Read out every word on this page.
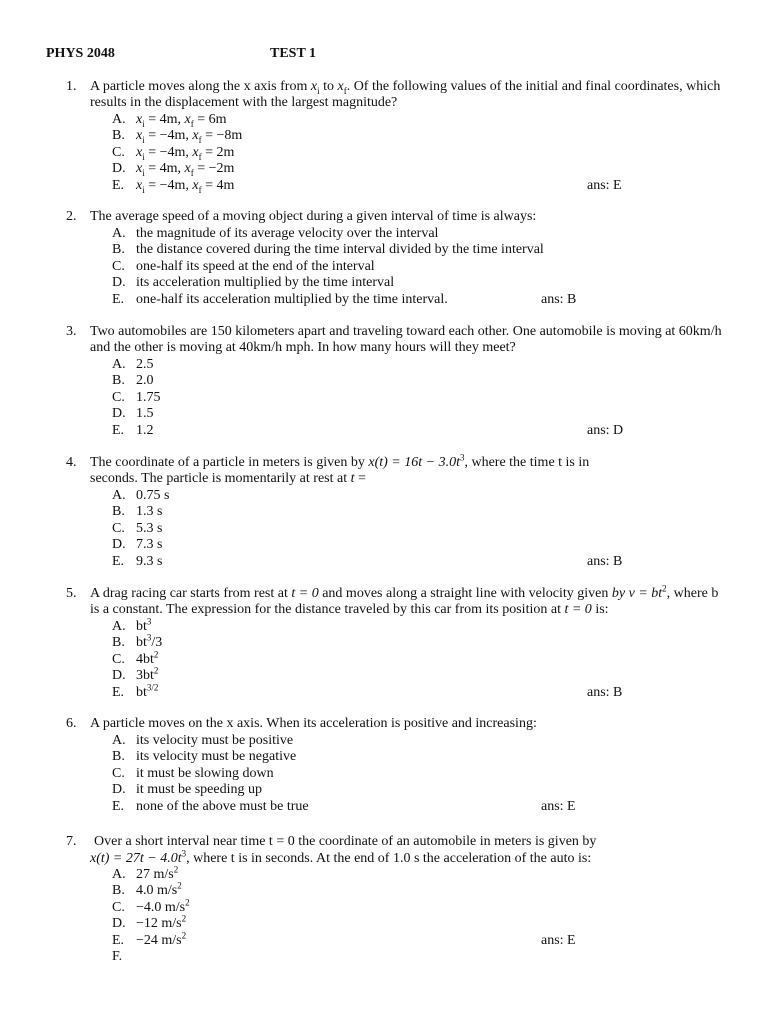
PHYS 2048	TEST 1
1. A particle moves along the x axis from $x_i$ to $x_f$. Of the following values of the initial and final coordinates, which results in the displacement with the largest magnitude?
A. $x_i = 4m$, $x_f = 6m$
B. $x_i = -4m$, $x_f = -8m$
C. $x_i = -4m$, $x_f = 2m$
D. $x_i = 4m$, $x_f = -2m$
E. $x_i = -4m$, $x_f = 4m$	ans: E
2. The average speed of a moving object during a given interval of time is always:
A. the magnitude of its average velocity over the interval
B. the distance covered during the time interval divided by the time interval
C. one-half its speed at the end of the interval
D. its acceleration multiplied by the time interval
E. one-half its acceleration multiplied by the time interval.	ans: B
3. Two automobiles are 150 kilometers apart and traveling toward each other. One automobile is moving at 60km/h and the other is moving at 40km/h mph. In how many hours will they meet?
A. 2.5
B. 2.0
C. 1.75
D. 1.5
E. 1.2	ans: D
4. The coordinate of a particle in meters is given by $x(t) = 16t - 3.0t^3$, where the time t is in seconds. The particle is momentarily at rest at t =
A. 0.75 s
B. 1.3 s
C. 5.3 s
D. 7.3 s
E. 9.3 s	ans: B
5. A drag racing car starts from rest at t = 0 and moves along a straight line with velocity given by $v = bt^2$, where b is a constant. The expression for the distance traveled by this car from its position at t = 0 is:
A. $bt^3$
B. $bt^3/3$
C. $4bt^2$
D. $3bt^2$
E. $bt^{3/2}$	ans: B
6. A particle moves on the x axis. When its acceleration is positive and increasing:
A. its velocity must be positive
B. its velocity must be negative
C. it must be slowing down
D. it must be speeding up
E. none of the above must be true	ans: E
7. Over a short interval near time t = 0 the coordinate of an automobile in meters is given by
$x(t) = 27t - 4.0t^3$, where t is in seconds. At the end of 1.0 s the acceleration of the auto is:
A. 27 $m/s^2$
B. 4.0 $m/s^2$
C. −4.0 $m/s^2$
D. −12 $m/s^2$
E. −24 $m/s^2$	ans: E
F.
